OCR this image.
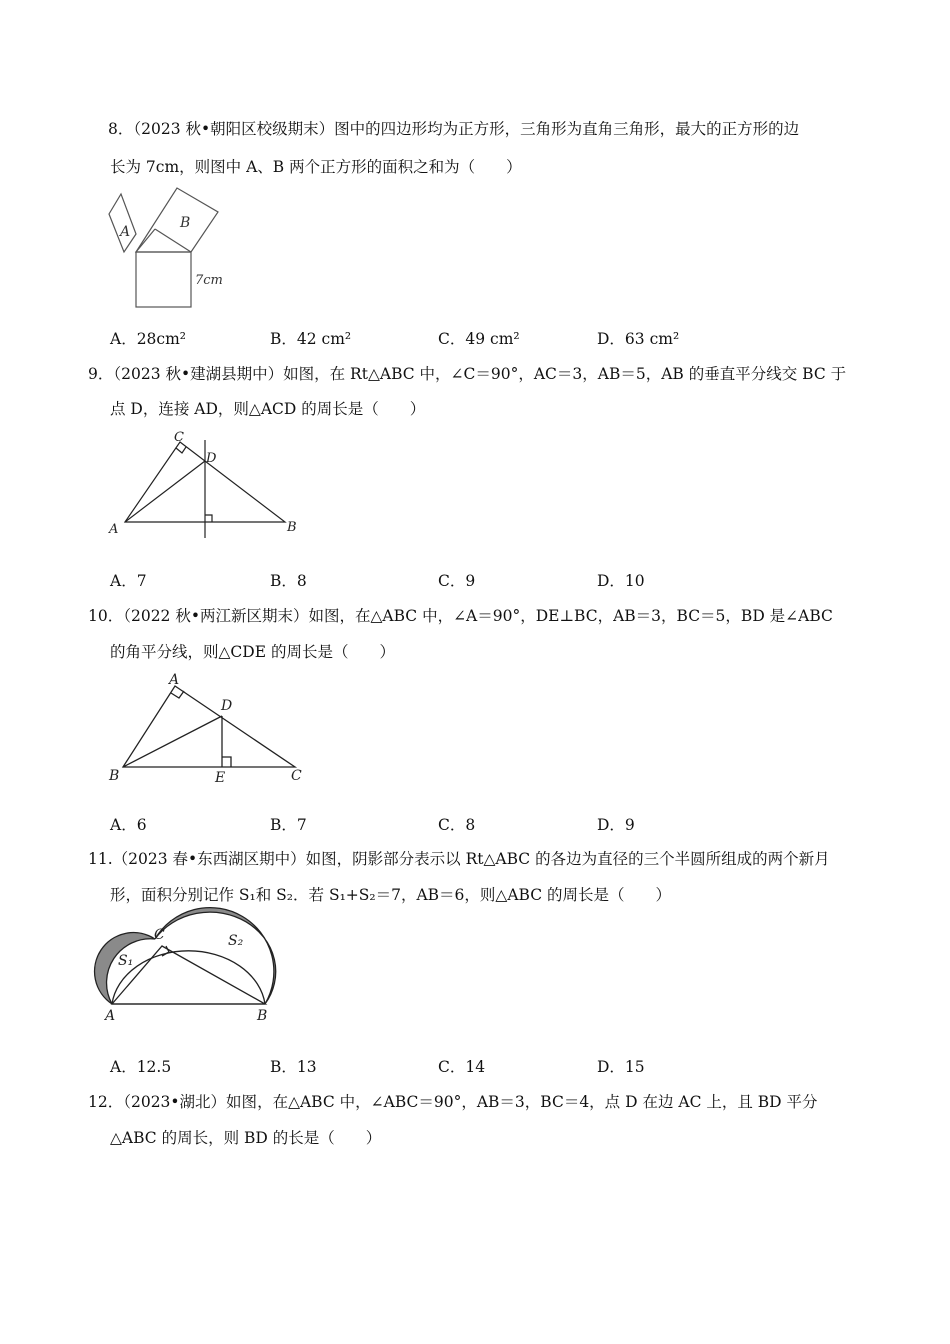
8．（2023 秋•朝阳区校级期末）图中的四边形均为正方形，三角形为直角三角形，最大的正方形的边
长为 7cm，则图中 A、B 两个正方形的面积之和为（　　）
A
B
7cm
A．28cm²	B．42 cm²	C．49 cm²	D．63 cm²
9．（2023 秋•建湖县期中）如图，在 Rt△ABC 中，∠C＝90°，AC＝3，AB＝5，AB 的垂直平分线交 BC 于
点 D，连接 AD，则△ACD 的周长是（　　）
A	B
C
D
A．7	B．8	C．9	D．10
10．（2022 秋•两江新区期末）如图，在△ABC 中，∠A＝90°，DE⊥BC，AB＝3，BC＝5，BD 是∠ABC
的角平分线，则△CDE 的周长是（　　）
B	C
A
D
E
A．6	B．7	C．8	D．9
11.（2023 春•东西湖区期中）如图，阴影部分表示以 Rt△ABC 的各边为直径的三个半圆所组成的两个新月
形，面积分别记作 S₁和 S₂．若 S₁+S₂＝7，AB＝6，则△ABC 的周长是（　　）
A	B
C
S₁
S₂
A．12.5	B．13	C．14	D．15
12．（2023•湖北）如图，在△ABC 中，∠ABC＝90°，AB＝3，BC＝4，点 D 在边 AC 上，且 BD 平分
△ABC 的周长，则 BD 的长是（　　）
